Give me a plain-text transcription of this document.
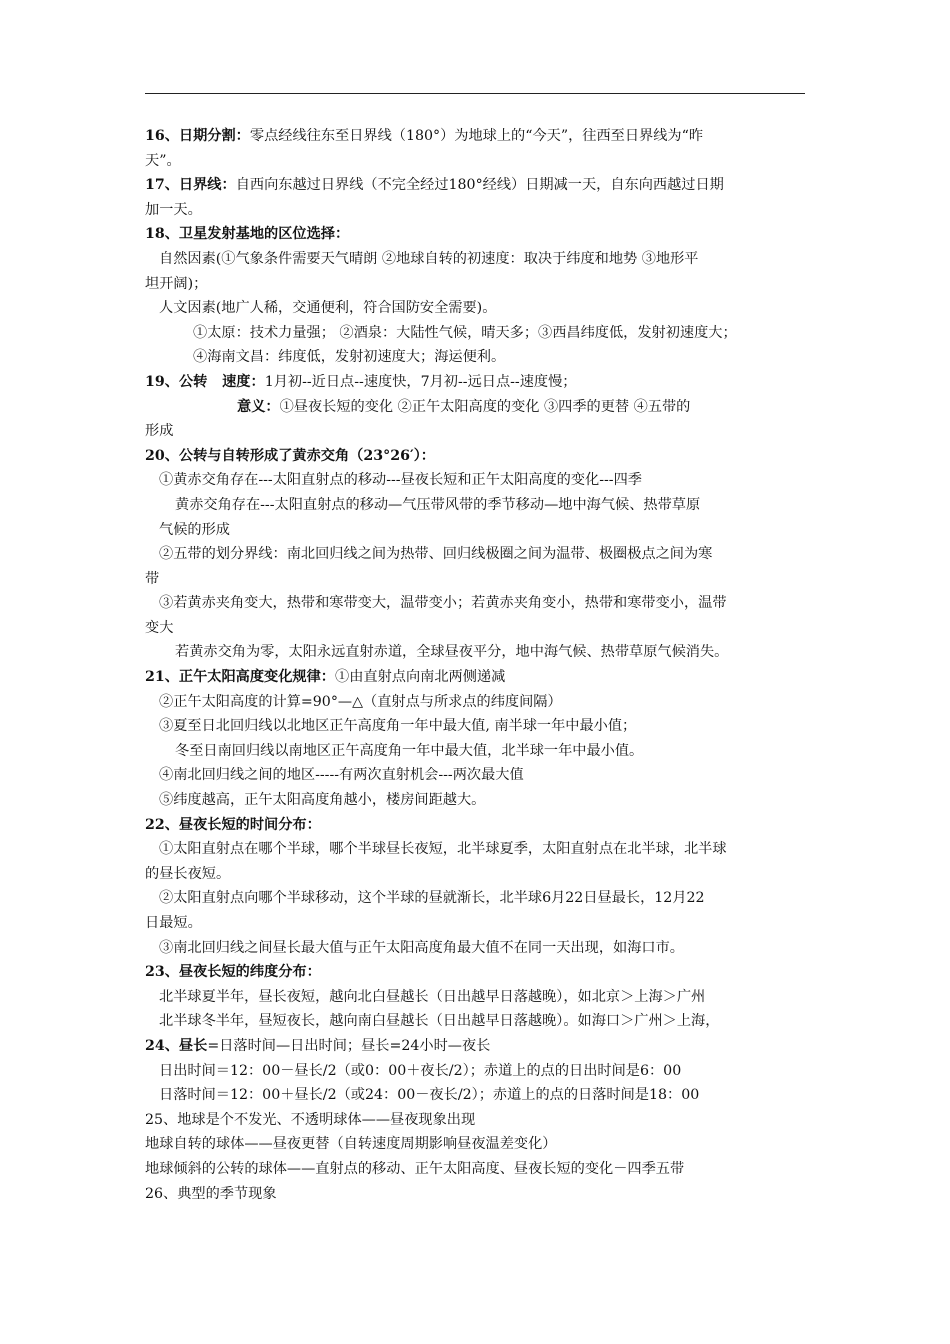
16、日期分割：零点经线往东至日界线（180°）为地球上的“今天”，往西至日界线为“昨
天”。
17、日界线：自西向东越过日界线（不完全经过180°经线）日期减一天，自东向西越过日期
加一天。
18、卫星发射基地的区位选择：
自然因素(①气象条件需要天气晴朗 ②地球自转的初速度：取决于纬度和地势 ③地形平
坦开阔)；
人文因素(地广人稀，交通便利，符合国防安全需要)。
①太原：技术力量强； ②酒泉：大陆性气候，晴天多；③西昌纬度低，发射初速度大；
④海南文昌：纬度低，发射初速度大；海运便利。
19、公转   速度：1月初--近日点--速度快，7月初--远日点--速度慢；
意义：①昼夜长短的变化 ②正午太阳高度的变化 ③四季的更替 ④五带的
形成
20、公转与自转形成了黄赤交角（23°26′）：
①黄赤交角存在---太阳直射点的移动---昼夜长短和正午太阳高度的变化---四季
黄赤交角存在---太阳直射点的移动—气压带风带的季节移动—地中海气候、热带草原
气候的形成
②五带的划分界线：南北回归线之间为热带、回归线极圈之间为温带、极圈极点之间为寒
带
③若黄赤夹角变大，热带和寒带变大，温带变小；若黄赤夹角变小，热带和寒带变小，温带
变大
若黄赤交角为零，太阳永远直射赤道，全球昼夜平分，地中海气候、热带草原气候消失。
21、正午太阳高度变化规律：①由直射点向南北两侧递减
②正午太阳高度的计算=90°—△（直射点与所求点的纬度间隔）
③夏至日北回归线以北地区正午高度角一年中最大值, 南半球一年中最小值；
冬至日南回归线以南地区正午高度角一年中最大值，北半球一年中最小值。
④南北回归线之间的地区-----有两次直射机会---两次最大值
⑤纬度越高，正午太阳高度角越小，楼房间距越大。
22、昼夜长短的时间分布：
①太阳直射点在哪个半球，哪个半球昼长夜短，北半球夏季，太阳直射点在北半球，北半球
的昼长夜短。
②太阳直射点向哪个半球移动，这个半球的昼就渐长，北半球6月22日昼最长，12月22
日最短。
③南北回归线之间昼长最大值与正午太阳高度角最大值不在同一天出现，如海口市。
23、昼夜长短的纬度分布：
北半球夏半年，昼长夜短，越向北白昼越长（日出越早日落越晚），如北京＞上海＞广州
北半球冬半年，昼短夜长，越向南白昼越长（日出越早日落越晚）。如海口＞广州＞上海，
24、昼长=日落时间—日出时间；昼长=24小时—夜长
日出时间＝12：00－昼长/2（或0：00＋夜长/2）；赤道上的点的日出时间是6：00
日落时间＝12：00＋昼长/2（或24：00－夜长/2）；赤道上的点的日落时间是18：00
25、地球是个不发光、不透明球体——昼夜现象出现
地球自转的球体——昼夜更替（自转速度周期影响昼夜温差变化）
地球倾斜的公转的球体——直射点的移动、正午太阳高度、昼夜长短的变化－四季五带
26、典型的季节现象
